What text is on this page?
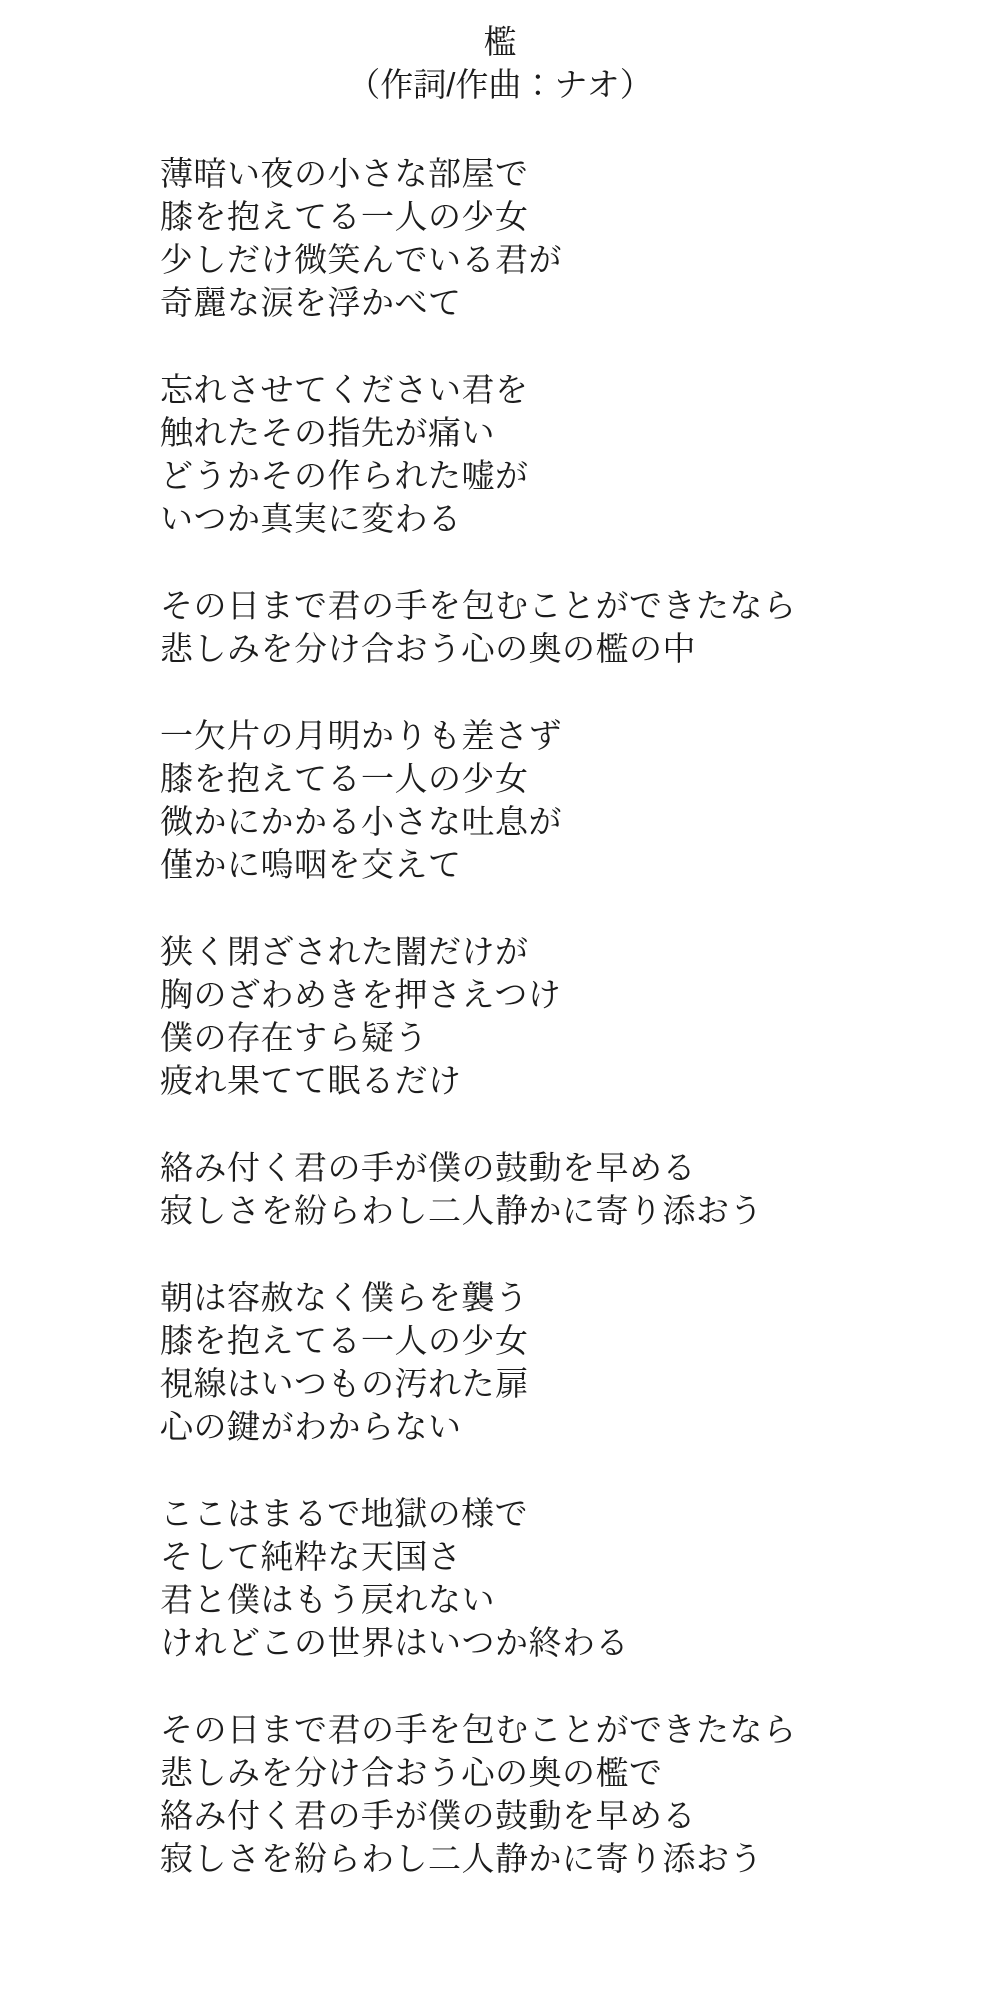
檻
（作詞/作曲：ナオ）
薄暗い夜の小さな部屋で
膝を抱えてる一人の少女
少しだけ微笑んでいる君が
奇麗な涙を浮かべて
忘れさせてください君を
触れたその指先が痛い
どうかその作られた嘘が
いつか真実に変わる
その日まで君の手を包むことができたなら
悲しみを分け合おう心の奥の檻の中
一欠片の月明かりも差さず
膝を抱えてる一人の少女
微かにかかる小さな吐息が
僅かに嗚咽を交えて
狭く閉ざされた闇だけが
胸のざわめきを押さえつけ
僕の存在すら疑う
疲れ果てて眠るだけ
絡み付く君の手が僕の鼓動を早める
寂しさを紛らわし二人静かに寄り添おう
朝は容赦なく僕らを襲う
膝を抱えてる一人の少女
視線はいつもの汚れた扉
心の鍵がわからない
ここはまるで地獄の様で
そして純粋な天国さ
君と僕はもう戻れない
けれどこの世界はいつか終わる
その日まで君の手を包むことができたなら
悲しみを分け合おう心の奥の檻で
絡み付く君の手が僕の鼓動を早める
寂しさを紛らわし二人静かに寄り添おう
